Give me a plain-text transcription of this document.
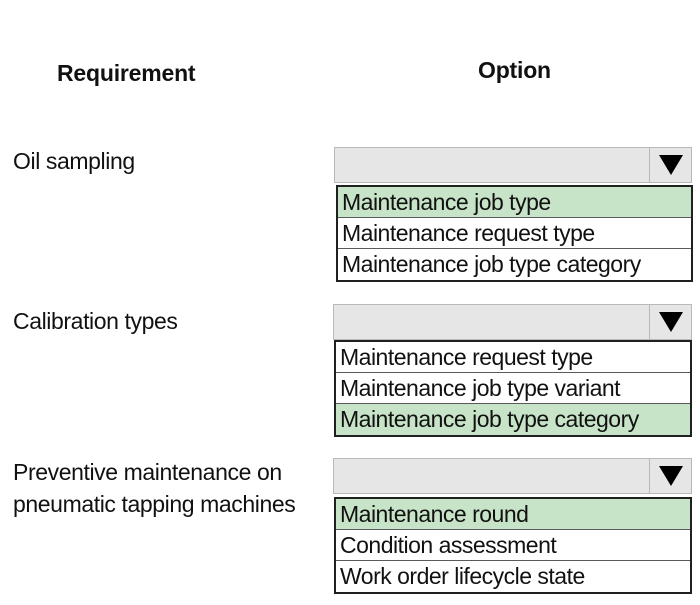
Requirement	Option
Oil sampling
Maintenance job type
Maintenance request type
Maintenance job type category
Calibration types
Maintenance request type
Maintenance job type variant
Maintenance job type category
Preventive maintenance on
pneumatic tapping machines Maintenance round
Condition assessment
Work order lifecycle state
